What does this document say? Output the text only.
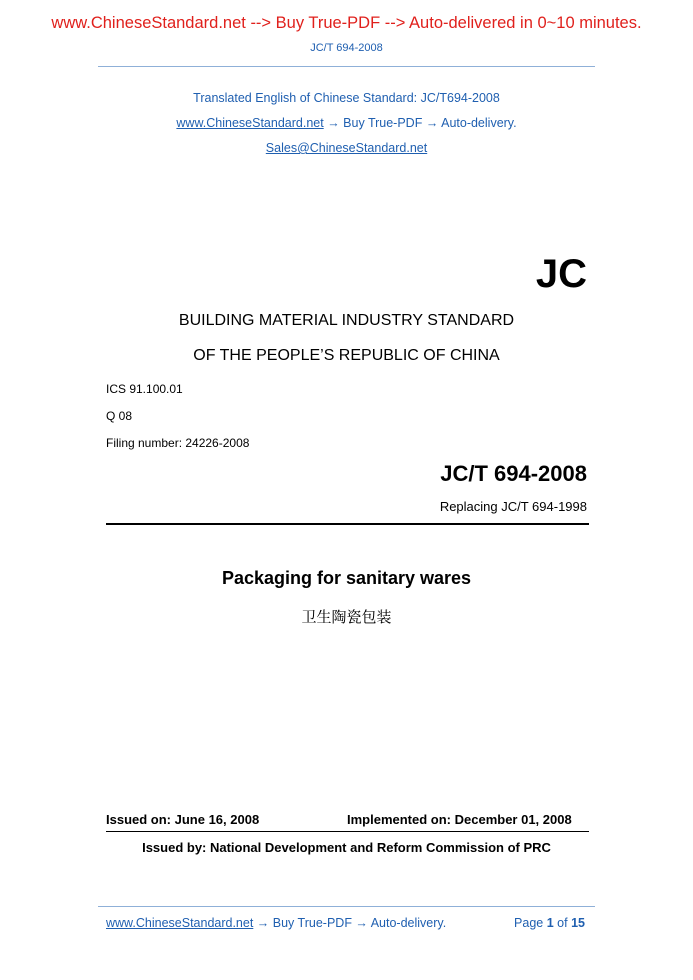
www.ChineseStandard.net --> Buy True-PDF --> Auto-delivered in 0~10 minutes.
JC/T 694-2008
Translated English of Chinese Standard: JC/T694-2008
www.ChineseStandard.net → Buy True-PDF → Auto-delivery.
Sales@ChineseStandard.net
JC
BUILDING MATERIAL INDUSTRY STANDARD
OF THE PEOPLE’S REPUBLIC OF CHINA
ICS 91.100.01
Q 08
Filing number: 24226-2008
JC/T 694-2008
Replacing JC/T 694-1998
Packaging for sanitary wares
卫生陶瓷包装
Issued on: June 16, 2008	Implemented on: December 01, 2008
Issued by: National Development and Reform Commission of PRC
www.ChineseStandard.net → Buy True-PDF → Auto-delivery.	Page 1 of 15
